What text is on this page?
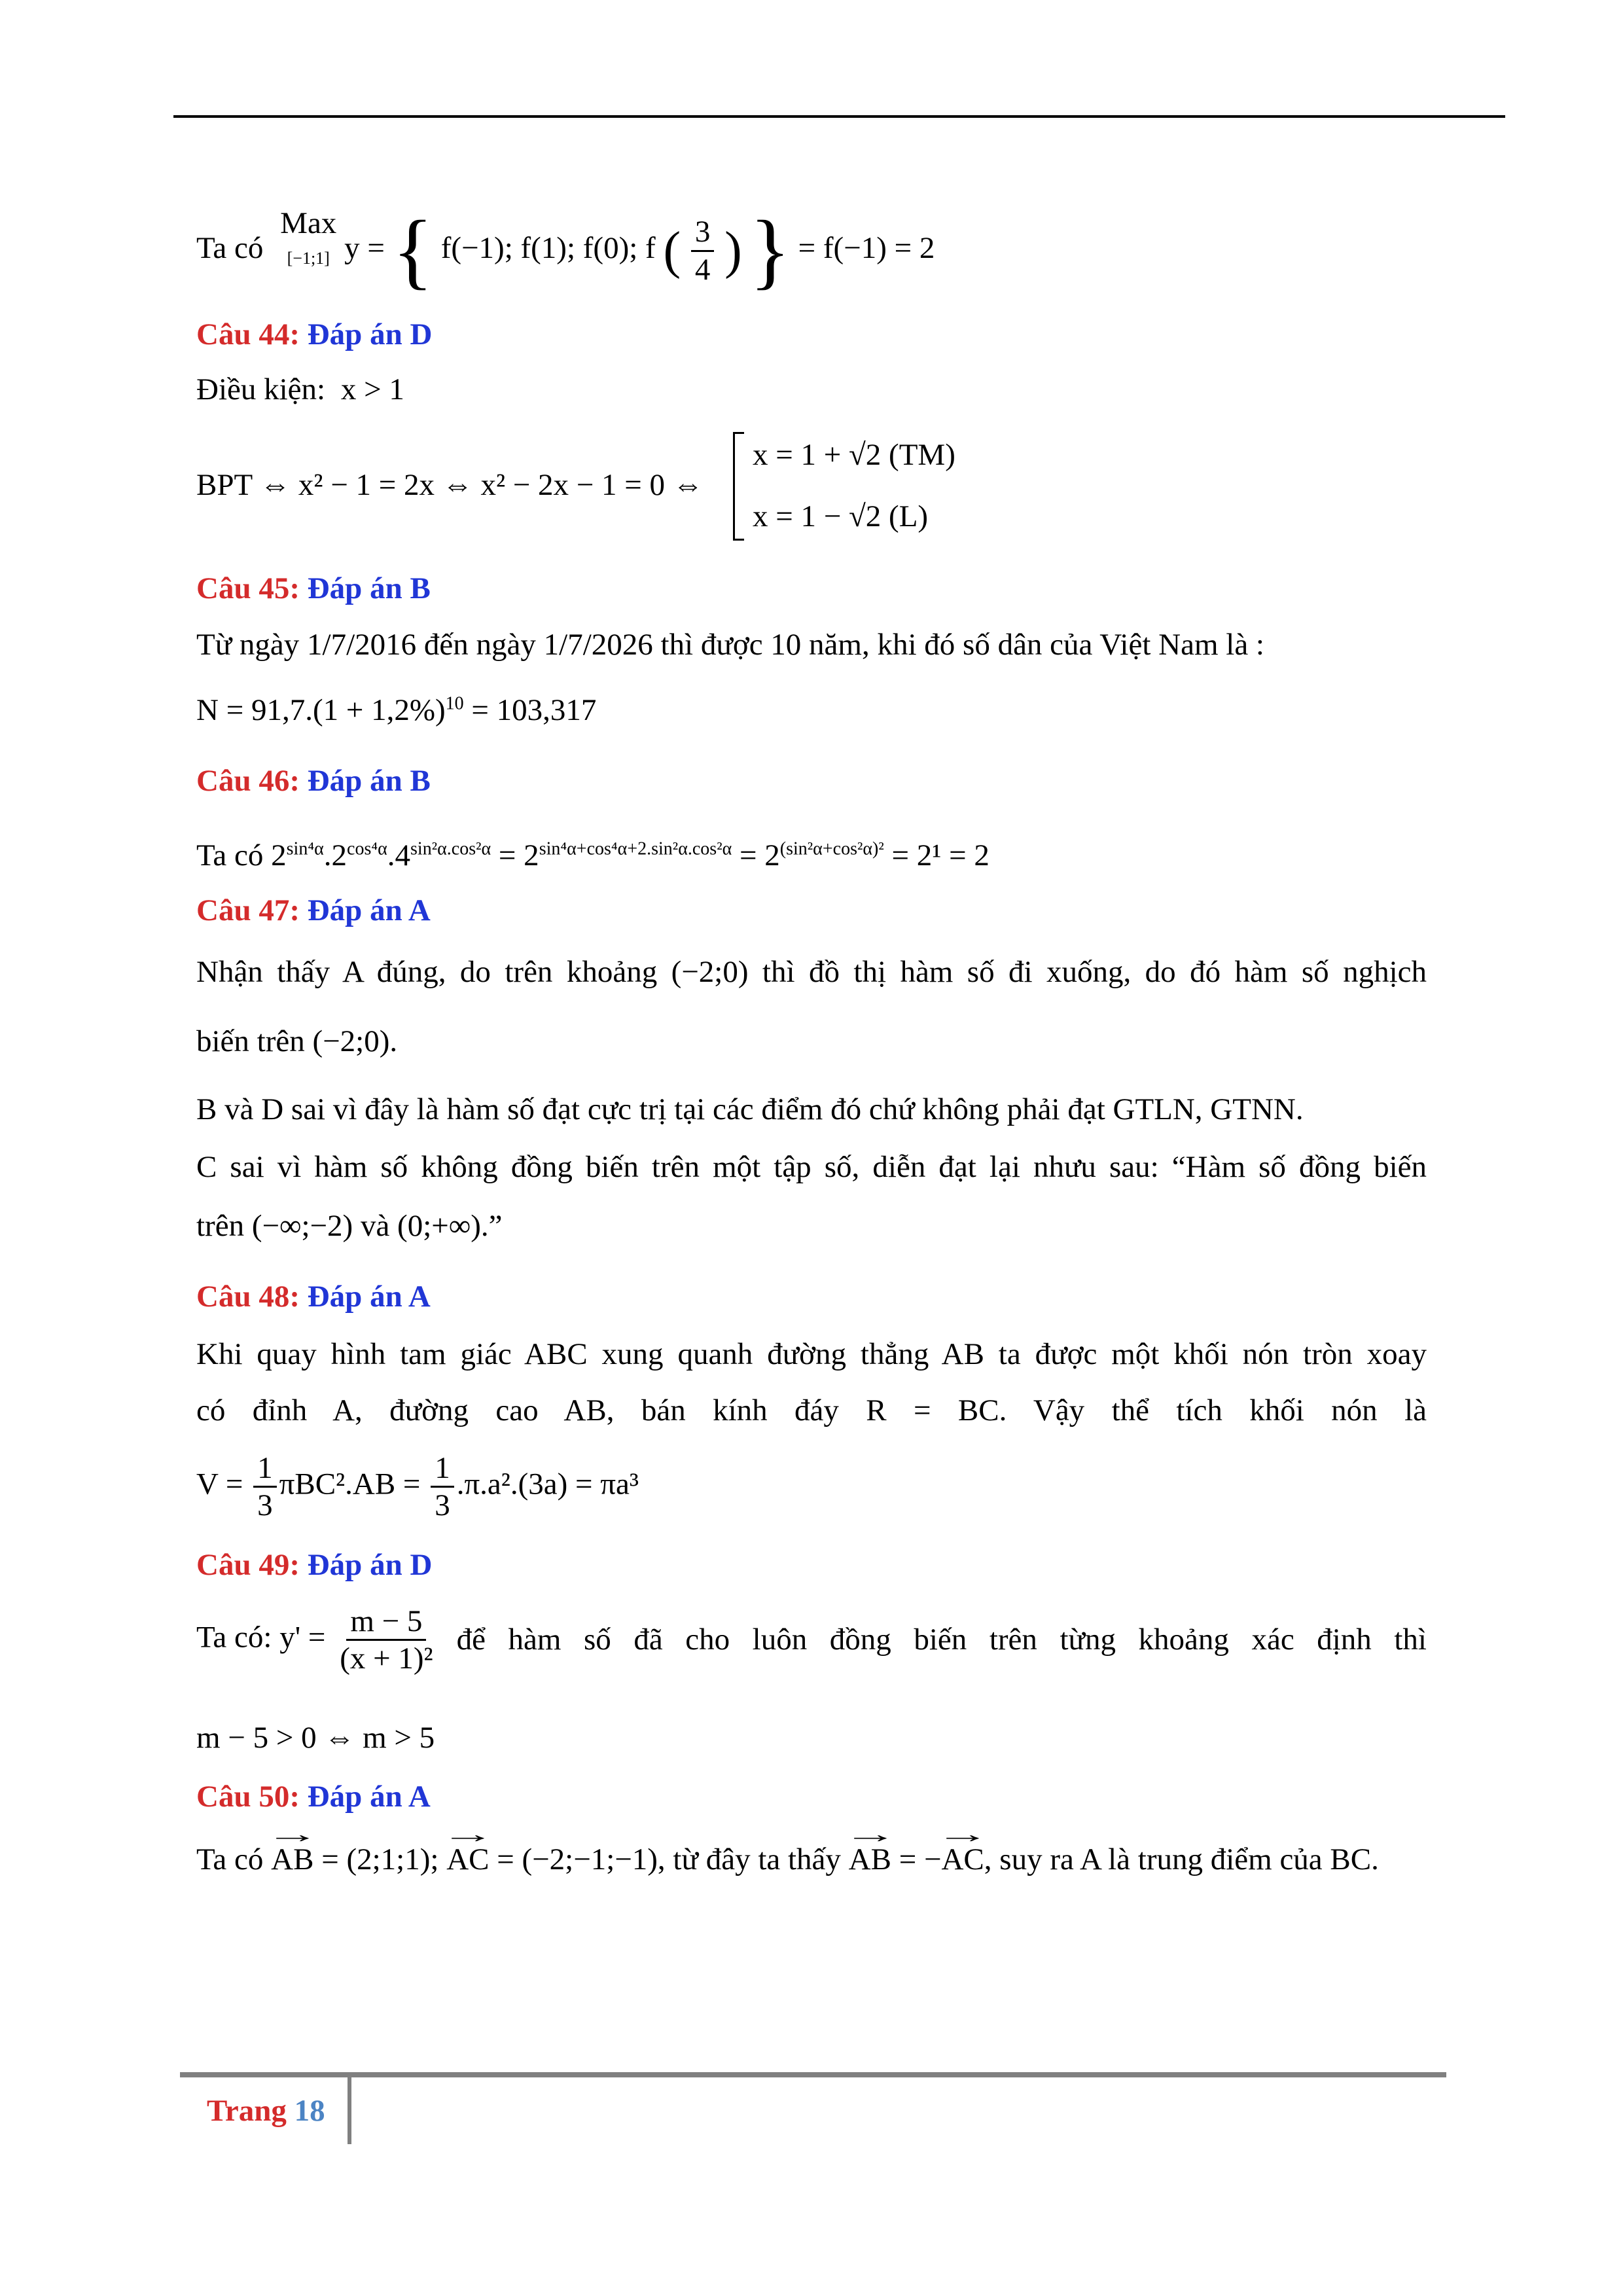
Ta có Max
[−1;1] y = { f(−1); f(1); f(0); f ( $\frac{3}{4}$ ) } = f(−1) = 2
Câu 44: Đáp án D
Điều kiện: x > 1
BPT ⇔ x² − 1 = 2x ⇔ x² − 2x − 1 = 0 ⇔
x = 1 + √2 (TM)
x = 1 − √2 (L)
Câu 45: Đáp án B
Từ ngày 1/7/2016 đến ngày 1/7/2026 thì được 10 năm, khi đó số dân của Việt Nam là :
$N = 91,7.(1 + 1,2\%)^{10} = 103,317$
Câu 46: Đáp án B
Ta có $2^{sin^4\alpha}.2^{cos^4\alpha}.4^{sin^2\alpha.cos^2\alpha} = 2^{sin^4\alpha+cos^4\alpha+2.sin^2\alpha.cos^2\alpha} = 2^{(sin^2\alpha+cos^2\alpha)^2} = 2^1 = 2$
Câu 47: Đáp án A
Nhận thấy A đúng, do trên khoảng (−2;0) thì đồ thị hàm số đi xuống, do đó hàm số nghịch
biến trên (−2;0).
B và D sai vì đây là hàm số đạt cực trị tại các điểm đó chứ không phải đạt GTLN, GTNN.
C sai vì hàm số không đồng biến trên một tập số, diễn đạt lại nhưu sau: “Hàm số đồng biến
trên (−∞;−2) và (0;+∞).”
Câu 48: Đáp án A
Khi quay hình tam giác ABC xung quanh đường thẳng AB ta được một khối nón tròn xoay
có đỉnh A, đường cao AB, bán kính đáy R = BC. Vậy thể tích khối nón là
$V = \frac{1}{3} \pi BC^2.AB = \frac{1}{3} .\pi.a^2.(3a) = \pi a^3$
Câu 49: Đáp án D
Ta có: $y' = \frac{m - 5}{\text{(x + 1)²}}$ để hàm số đã cho luôn đồng biến trên từng khoảng xác định thì
m − 5 > 0 ⇔ m > 5
Câu 50: Đáp án A
Ta có → AB = (2;1;1); → AC = (−2;−1;−1), từ đây ta thấy → AB = −→ AC, suy ra A là trung điểm của BC.
Trang 18
